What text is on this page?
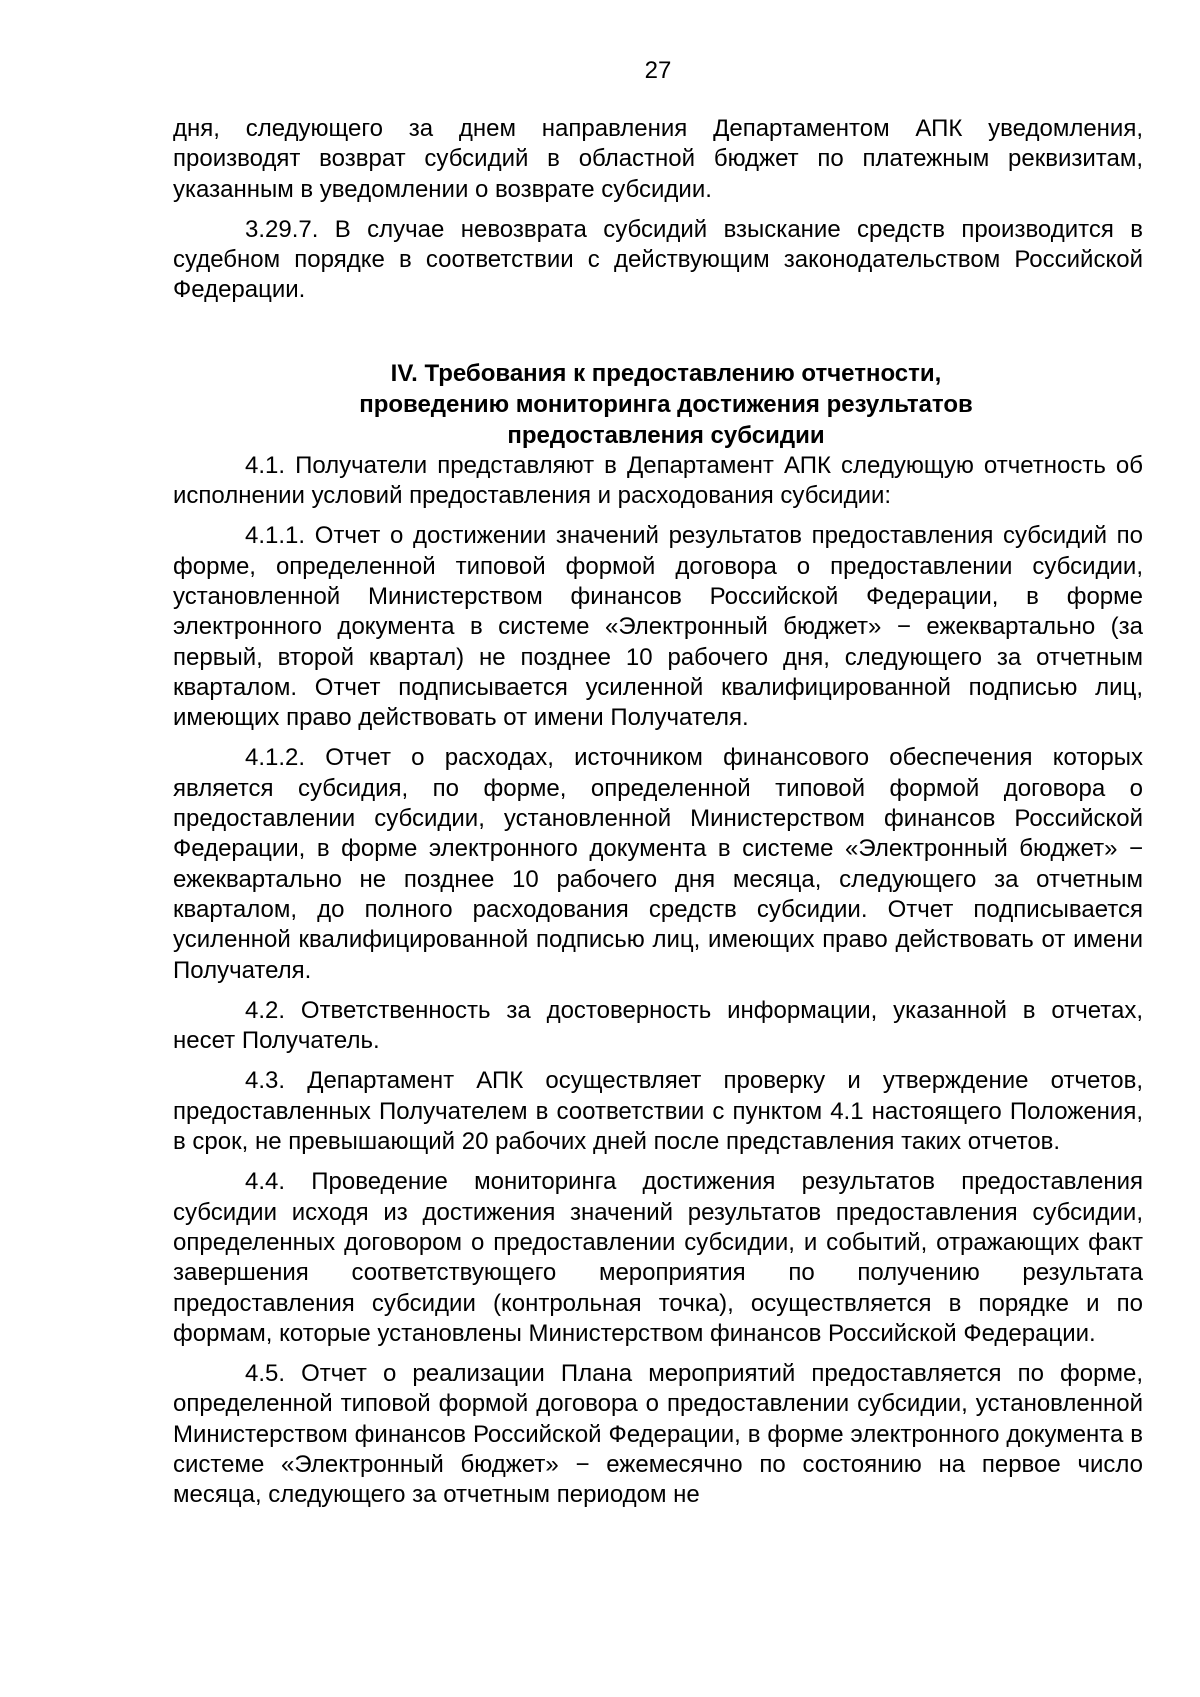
27

дня, следующего за днем направления Департаментом АПК уведомления, производят возврат субсидий в областной бюджет по платежным реквизитам, указанным в уведомлении о возврате субсидии.

3.29.7. В случае невозврата субсидий взыскание средств производится в судебном порядке в соответствии с действующим законодательством Российской Федерации.

IV. Требования к предоставлению отчетности,
проведению мониторинга достижения результатов
предоставления субсидии

4.1. Получатели представляют в Департамент АПК следующую отчетность об исполнении условий предоставления и расходования субсидии:

4.1.1. Отчет о достижении значений результатов предоставления субсидий по форме, определенной типовой формой договора о предоставлении субсидии, установленной Министерством финансов Российской Федерации, в форме электронного документа в системе «Электронный бюджет» − ежеквартально (за первый, второй квартал) не позднее 10 рабочего дня, следующего за отчетным кварталом. Отчет подписывается усиленной квалифицированной подписью лиц, имеющих право действовать от имени Получателя.

4.1.2. Отчет о расходах, источником финансового обеспечения которых является субсидия, по форме, определенной типовой формой договора о предоставлении субсидии, установленной Министерством финансов Российской Федерации, в форме электронного документа в системе «Электронный бюджет» − ежеквартально не позднее 10 рабочего дня месяца, следующего за отчетным кварталом, до полного расходования средств субсидии. Отчет подписывается усиленной квалифицированной подписью лиц, имеющих право действовать от имени Получателя.

4.2. Ответственность за достоверность информации, указанной в отчетах, несет Получатель.

4.3. Департамент АПК осуществляет проверку и утверждение отчетов, предоставленных Получателем в соответствии с пунктом 4.1 настоящего Положения, в срок, не превышающий 20 рабочих дней после представления таких отчетов.

4.4. Проведение мониторинга достижения результатов предоставления субсидии исходя из достижения значений результатов предоставления субсидии, определенных договором о предоставлении субсидии, и событий, отражающих факт завершения соответствующего мероприятия по получению результата предоставления субсидии (контрольная точка), осуществляется в порядке и по формам, которые установлены Министерством финансов Российской Федерации.

4.5. Отчет о реализации Плана мероприятий предоставляется по форме, определенной типовой формой договора о предоставлении субсидии, установленной Министерством финансов Российской Федерации, в форме электронного документа в системе «Электронный бюджет» − ежемесячно по состоянию на первое число месяца, следующего за отчетным периодом не
